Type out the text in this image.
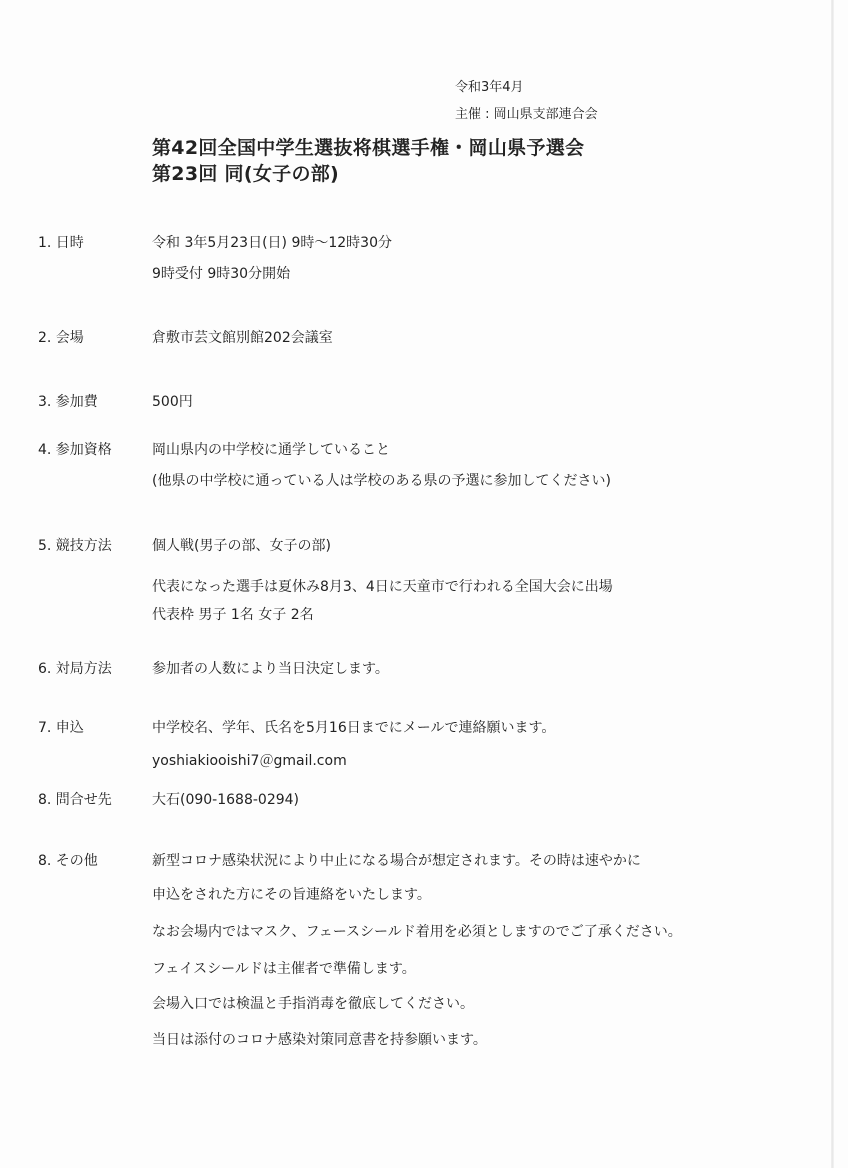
令和3年4月
主催 : 岡山県支部連合会
第42回全国中学生選抜将棋選手権・岡山県予選会
第23回 同(女子の部)
1. 日時	令和 3年5月23日(日) 9時～12時30分
9時受付 9時30分開始
2. 会場	倉敷市芸文館別館202会議室
3. 参加費	500円
4. 参加資格	岡山県内の中学校に通学していること
(他県の中学校に通っている人は学校のある県の予選に参加してください)
5. 競技方法	個人戦(男子の部、女子の部)
代表になった選手は夏休み8月3、4日に天童市で行われる全国大会に出場
代表枠 男子 1名 女子 2名
6. 対局方法	参加者の人数により当日決定します。
7. 申込	中学校名、学年、氏名を5月16日までにメールで連絡願います。
yoshiakiooishi7＠gmail.com
8. 問合せ先	大石(090-1688-0294)
8. その他	新型コロナ感染状況により中止になる場合が想定されます。その時は速やかに
申込をされた方にその旨連絡をいたします。
なお会場内ではマスク、フェースシールド着用を必須としますのでご了承ください。
フェイスシールドは主催者で準備します。
会場入口では検温と手指消毒を徹底してください。
当日は添付のコロナ感染対策同意書を持参願います。
